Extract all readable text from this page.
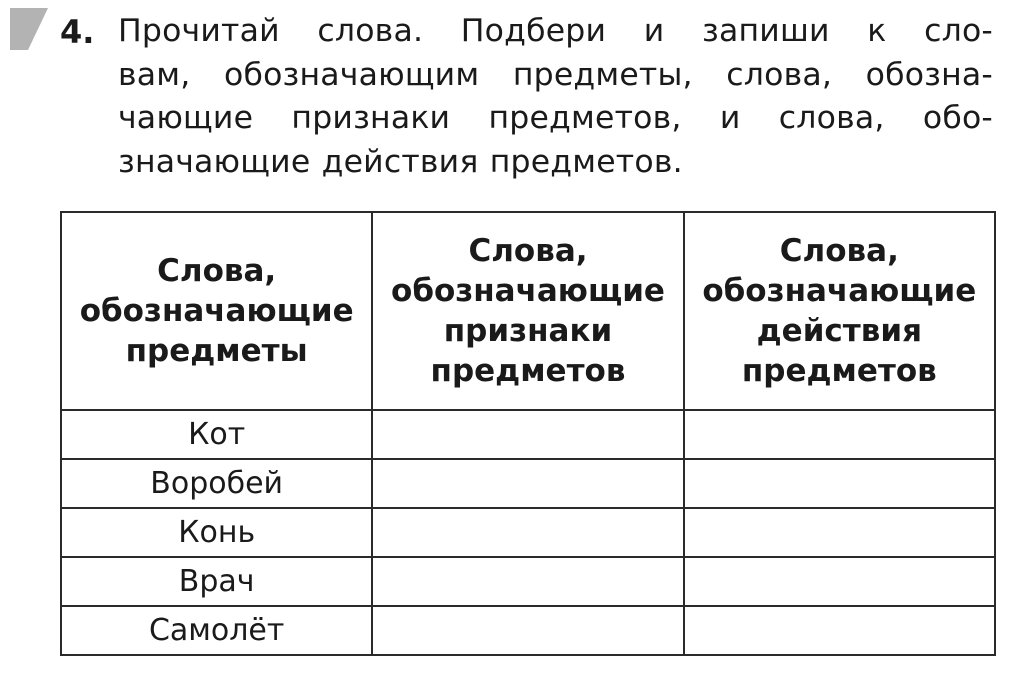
4. Прочитай слова. Подбери и запиши к сло-
вам, обозначающим предметы, слова, обозна-
чающие признаки предметов, и слова, обо-
значающие действия предметов.
Слова,
обозначающие
предметы	Слова,
обозначающие
признаки
предметов	Слова,
обозначающие
действия
предметов

Кот		
Воробей		
Конь		
Врач		
Самолёт		
